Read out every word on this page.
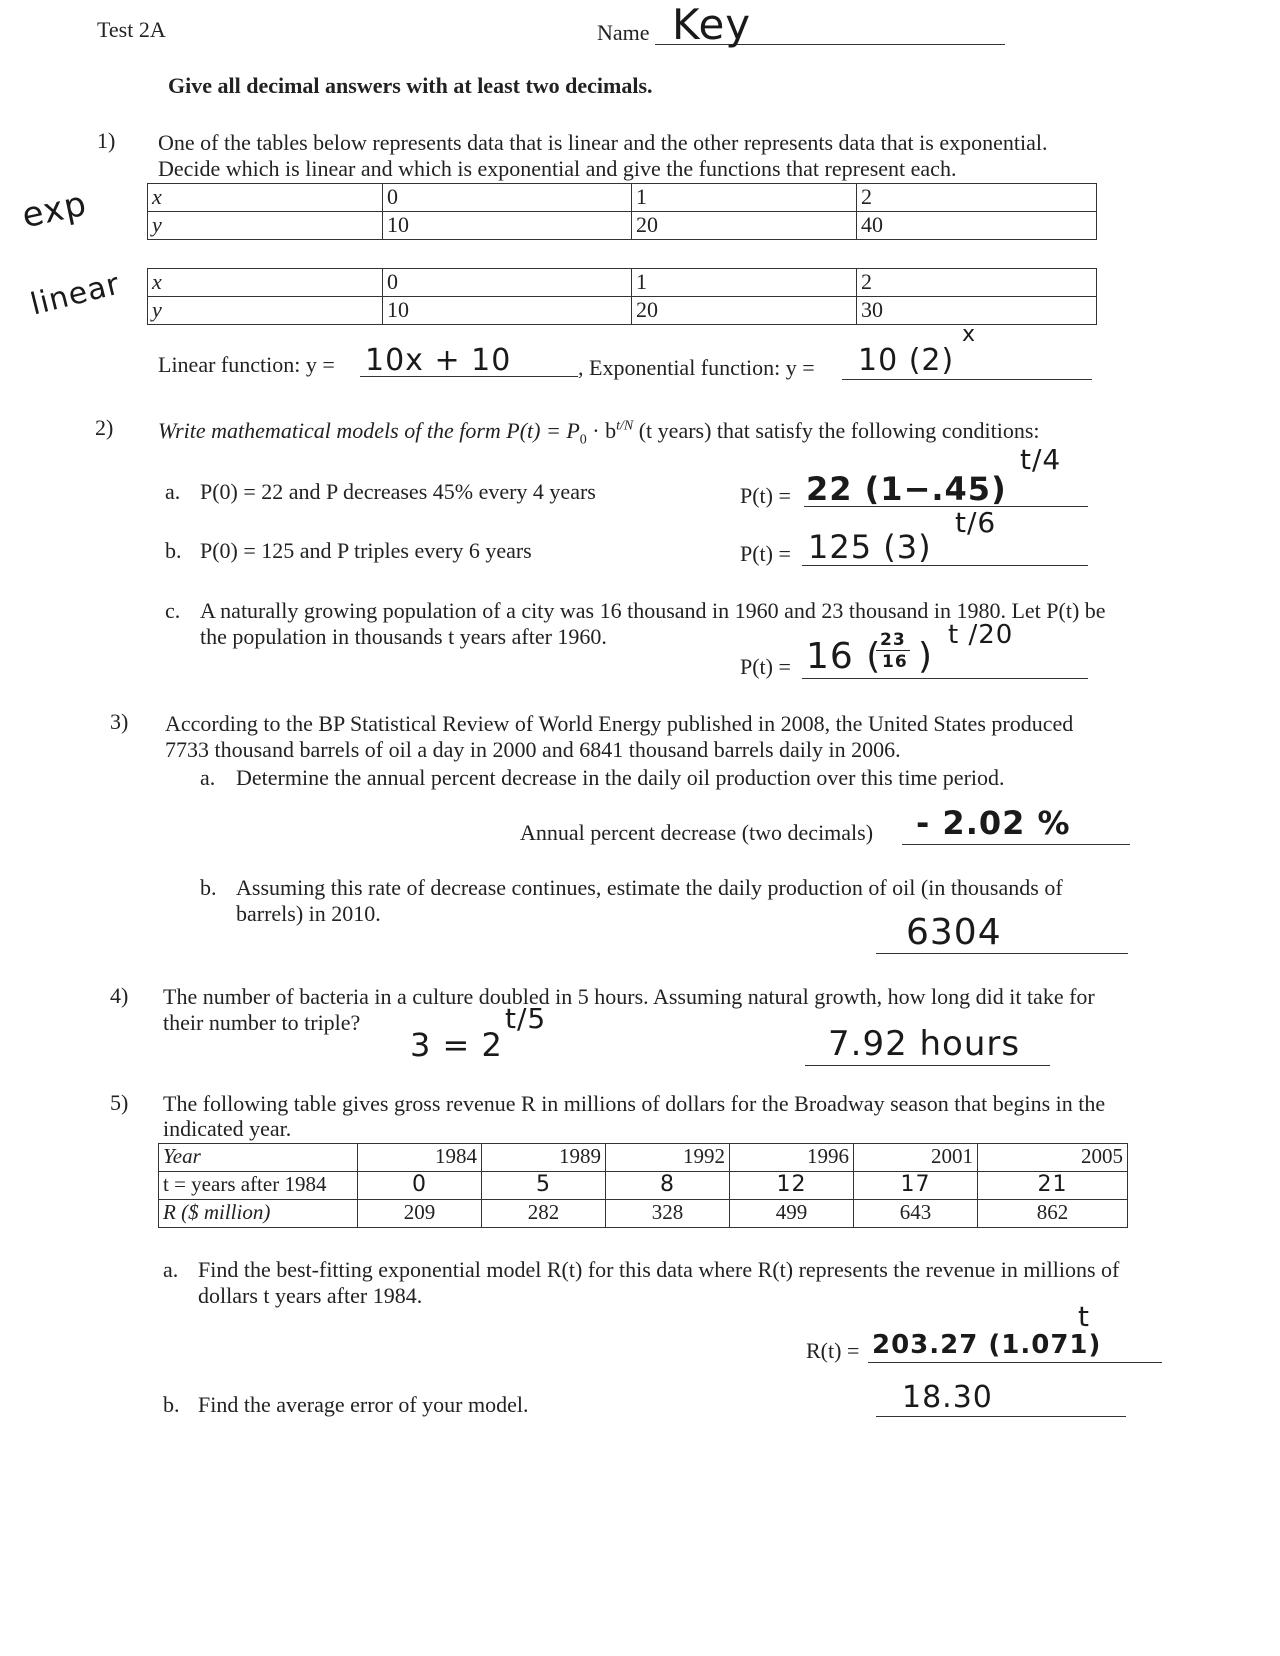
Test 2A	Name Key
Give all decimal answers with at least two decimals.
1) One of the tables below represents data that is linear and the other represents data that is exponential.
Decide which is linear and which is exponential and give the functions that represent each.
exp
linear
x	0	1	2
y	10	20	40
x	0	1	2
y	10	20	30
Linear function: y = 10x + 10	, Exponential function: y = 10 (2)
x
2) Write mathematical models of the form $P(t) = P_0 \cdot b^{t/N}$ (t years) that satisfy the following conditions:
a. P(0) = 22 and P decreases 45% every 4 years	P(t) = 22 (1−.45)
t/4
b. P(0) = 125 and P triples every 6 years	P(t) = 125 (3)
t/6
c. A naturally growing population of a city was 16 thousand in 1960 and 23 thousand in 1980. Let P(t) be
the population in thousands t years after 1960.
P(t) = 16 (
23
16 )
t /20
3) According to the BP Statistical Review of World Energy published in 2008, the United States produced
7733 thousand barrels of oil a day in 2000 and 6841 thousand barrels daily in 2006.
a. Determine the annual percent decrease in the daily oil production over this time period.
Annual percent decrease (two decimals) - 2.02 %
b. Assuming this rate of decrease continues, estimate the daily production of oil (in thousands of
barrels) in 2010.	6304
4) The number of bacteria in a culture doubled in 5 hours. Assuming natural growth, how long did it take for
their number to triple?
3 = 2
t/5
7.92 hours
5) The following table gives gross revenue R in millions of dollars for the Broadway season that begins in the
indicated year.
Year	1984	1989	1992	1996	2001	2005
t = years after 1984	0	5	8	12	17	21
R ($ million)	209	282	328	499	643	862
a. Find the best-fitting exponential model R(t) for this data where R(t) represents the revenue in millions of
dollars t years after 1984.
R(t) = 203.27 (1.071)
t
b. Find the average error of your model.	18.30
